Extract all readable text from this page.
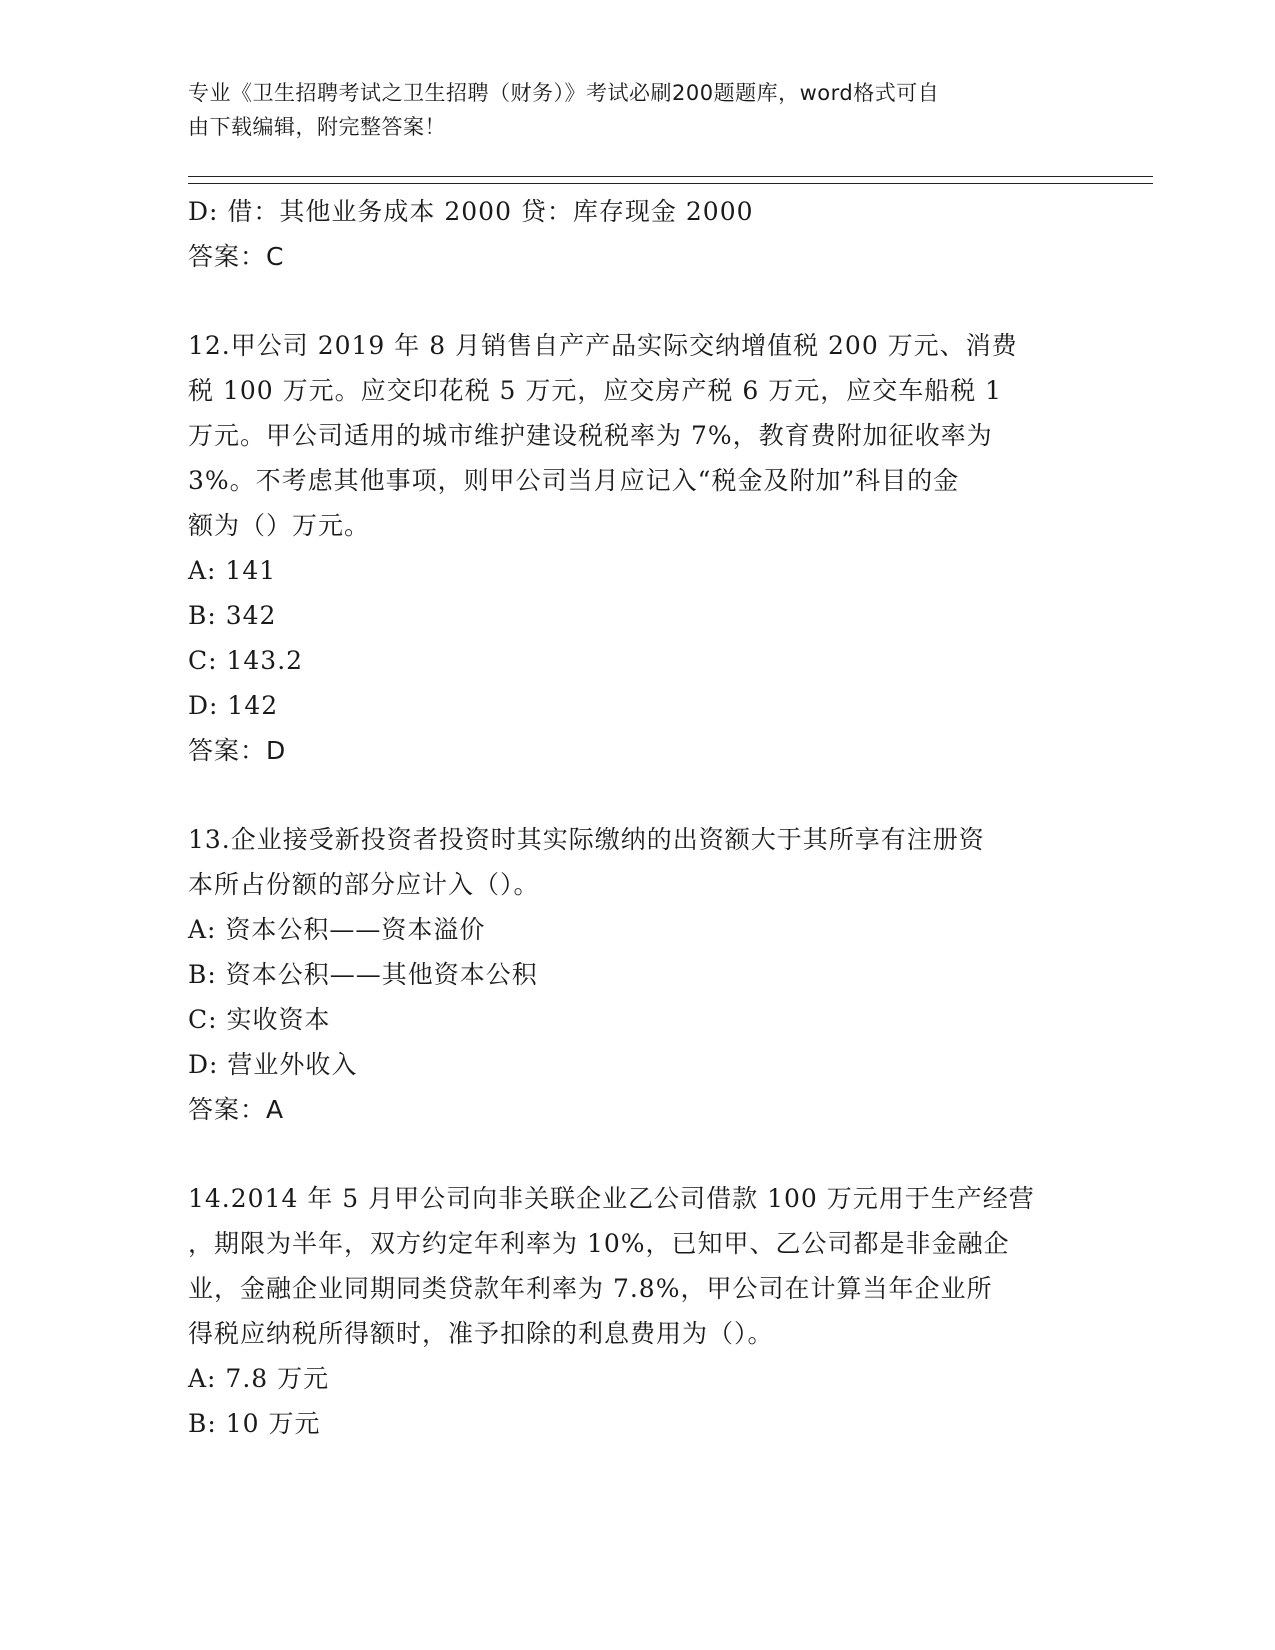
专业《卫生招聘考试之卫生招聘（财务）》考试必刷200题题库，word格式可自
由下载编辑，附完整答案！
D: 借：其他业务成本 2000 贷：库存现金 2000
答案：C
12.甲公司 2019 年 8 月销售自产产品实际交纳增值税 200 万元、消费
税 100 万元。应交印花税 5 万元，应交房产税 6 万元，应交车船税 1
万元。甲公司适用的城市维护建设税税率为 7%，教育费附加征收率为
3%。不考虑其他事项，则甲公司当月应记入“税金及附加”科目的金
额为（）万元。
A: 141
B: 342
C: 143.2
D: 142
答案：D
13.企业接受新投资者投资时其实际缴纳的出资额大于其所享有注册资
本所占份额的部分应计入（）。
A: 资本公积——资本溢价
B: 资本公积——其他资本公积
C: 实收资本
D: 营业外收入
答案：A
14.2014 年 5 月甲公司向非关联企业乙公司借款 100 万元用于生产经营
，期限为半年，双方约定年利率为 10%，已知甲、乙公司都是非金融企
业，金融企业同期同类贷款年利率为 7.8%，甲公司在计算当年企业所
得税应纳税所得额时，准予扣除的利息费用为（）。
A: 7.8 万元
B: 10 万元
